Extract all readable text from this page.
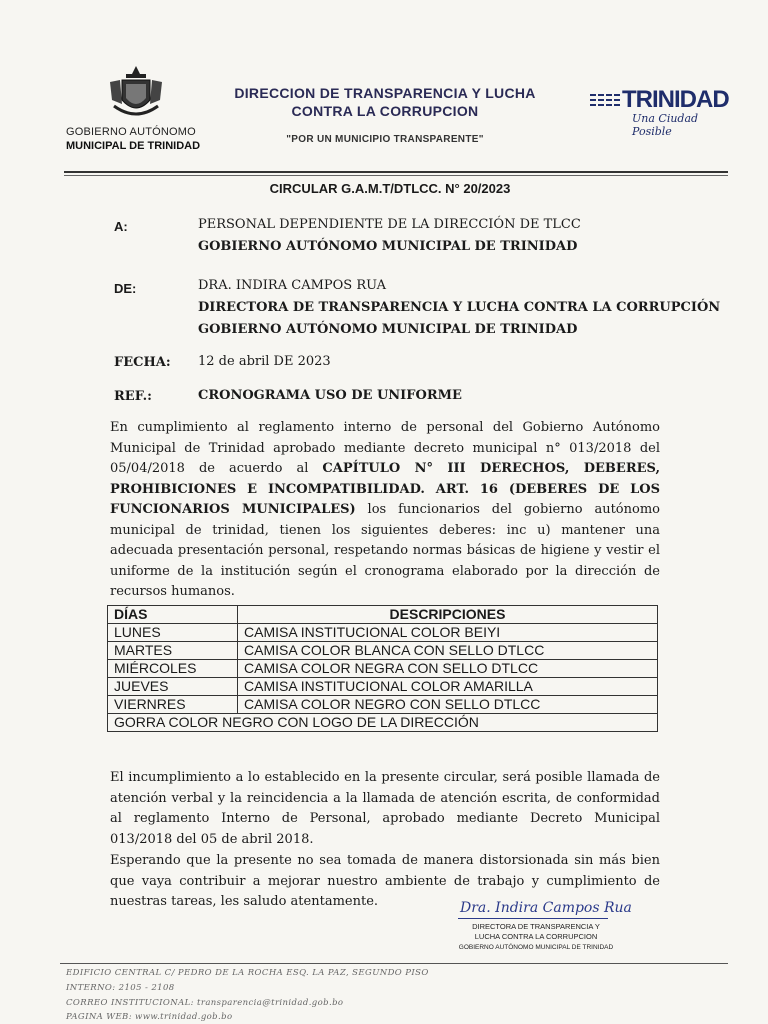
GOBIERNO AUTÓNOMO
MUNICIPAL DE TRINIDAD
DIRECCION DE TRANSPARENCIA Y LUCHA
CONTRA LA CORRUPCION
"POR UN MUNICIPIO TRANSPARENTE"
TRINIDAD
Una Ciudad Posible
CIRCULAR G.A.M.T/DTLCC. N° 20/2023
A:	PERSONAL DEPENDIENTE DE LA DIRECCIÓN DE TLCC
GOBIERNO AUTÓNOMO MUNICIPAL DE TRINIDAD
DE:	DRA. INDIRA CAMPOS RUA
DIRECTORA DE TRANSPARENCIA Y LUCHA CONTRA LA CORRUPCIÓN
GOBIERNO AUTÓNOMO MUNICIPAL DE TRINIDAD
FECHA: 12 de abril DE 2023
REF.:	CRONOGRAMA USO DE UNIFORME
En cumplimiento al reglamento interno de personal del Gobierno Autónomo Municipal de Trinidad aprobado mediante decreto municipal n° 013/2018 del 05/04/2018 de acuerdo al CAPÍTULO N° III DERECHOS, DEBERES, PROHIBICIONES E INCOMPATIBILIDAD. ART. 16 (DEBERES DE LOS FUNCIONARIOS MUNICIPALES) los funcionarios del gobierno autónomo municipal de trinidad, tienen los siguientes deberes: inc u) mantener una adecuada presentación personal, respetando normas básicas de higiene y vestir el uniforme de la institución según el cronograma elaborado por la dirección de recursos humanos.
DÍAS	DESCRIPCIONES
LUNES	CAMISA INSTITUCIONAL COLOR BEIYI
MARTES	CAMISA COLOR BLANCA CON SELLO DTLCC
MIÉRCOLES	CAMISA COLOR NEGRA CON SELLO DTLCC
JUEVES	CAMISA INSTITUCIONAL COLOR AMARILLA
VIERNRES	CAMISA COLOR NEGRO CON SELLO DTLCC
GORRA COLOR NEGRO CON LOGO DE LA DIRECCIÓN	
El incumplimiento a lo establecido en la presente circular, será posible llamada de atención verbal y la reincidencia a la llamada de atención escrita, de conformidad al reglamento Interno de Personal, aprobado mediante Decreto Municipal 013/2018 del 05 de abril 2018.
Esperando que la presente no sea tomada de manera distorsionada sin más bien que vaya contribuir a mejorar nuestro ambiente de trabajo y cumplimiento de nuestras tareas, les saludo atentamente.	Dra. Indira Campos Rua
DIRECTORA DE TRANSPARENCIA Y
LUCHA CONTRA LA CORRUPCION
GOBIERNO AUTÓNOMO MUNICIPAL DE TRINIDAD
EDIFICIO CENTRAL C/ PEDRO DE LA ROCHA ESQ. LA PAZ, SEGUNDO PISO
INTERNO: 2105 - 2108
CORREO INSTITUCIONAL: transparencia@trinidad.gob.bo
PAGINA WEB: www.trinidad.gob.bo
